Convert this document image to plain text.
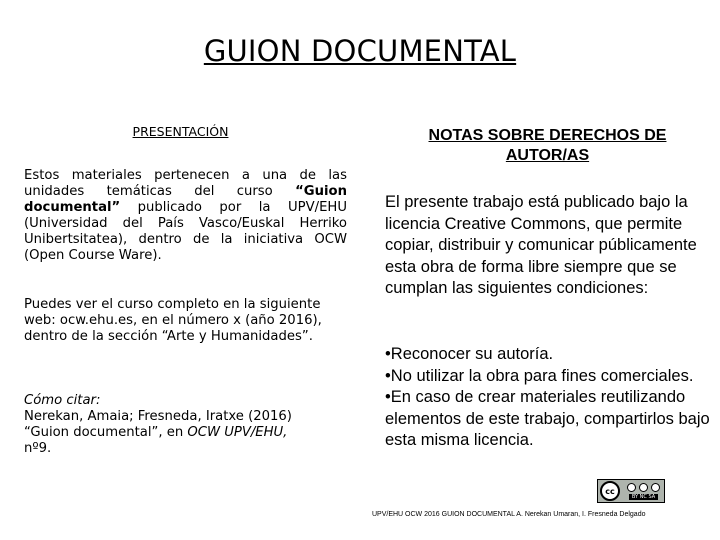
GUION DOCUMENTAL
PRESENTACIÓN
Estos materiales pertenecen a una de las unidades temáticas del curso “Guion documental” publicado por la UPV/EHU (Universidad del País Vasco/Euskal Herriko Unibertsitatea), dentro de la iniciativa OCW (Open Course Ware).
Puedes ver el curso completo en la siguiente web: ocw.ehu.es, en el número x (año 2016), dentro de la sección “Arte y Humanidades”.
Cómo citar:
Nerekan, Amaia; Fresneda, Iratxe (2016)
“Guion documental”, en OCW UPV/EHU,
nº9.
NOTAS SOBRE DERECHOS DE
AUTOR/AS
El presente trabajo está publicado bajo la licencia Creative Commons, que permite copiar, distribuir y comunicar públicamente esta obra de forma libre siempre que se cumplan las siguientes condiciones:
•Reconocer su autoría.
•No utilizar la obra para fines comerciales.
•En caso de crear materiales reutilizando elementos de este trabajo, compartirlos bajo esta misma licencia.
cc
BY NC SA
UPV/EHU OCW 2016 GUION DOCUMENTAL A. Nerekan Umaran, I. Fresneda Delgado
